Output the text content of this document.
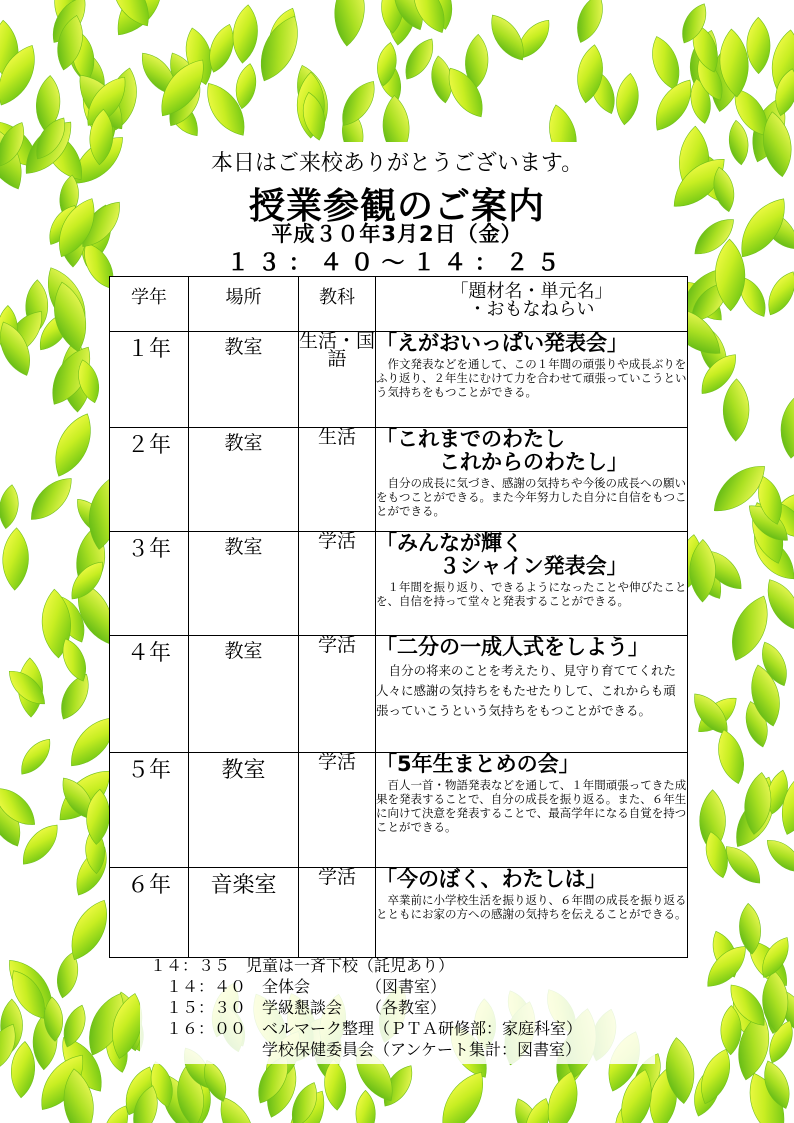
本日はご来校ありがとうございます。
授業参観のご案内
平成３０年3月2日（金）
１３：４０〜１４：２５
学年	場所	教科	「題材名・単元名」
・おもなねらい

１年	教室	生活・国語	「えがおいっぱい発表会」
　作文発表などを通して、この１年間の頑張りや成長ぶりをふり返り、２年生にむけて力を合わせて頑張っていこうという気持ちをもつことができる。

２年	教室	生活	「これまでのわたし
　　　これからのわたし」
　自分の成長に気づき、感謝の気持ちや今後の成長への願いをもつことができる。また今年努力した自分に自信をもつことができる。

３年	教室	学活	「みんなが輝く
　　　３シャイン発表会」
　１年間を振り返り、できるようになったことや伸びたことを、自信を持って堂々と発表することができる。

４年	教室	学活	「二分の一成人式をしよう」
　自分の将来のことを考えたり、見守り育ててくれた人々に感謝の気持ちをもたせたりして、これからも頑張っていこうという気持ちをもつことができる。

５年	教室	学活	「5年生まとめの会」
　百人一首・物語発表などを通して、１年間頑張ってきた成果を発表することで、自分の成長を振り返る。また、６年生に向けて決意を発表することで、最高学年になる自覚を持つことができる。

６年	音楽室	学活	「今のぼく、わたしは」
　卒業前に小学校生活を振り返り、６年間の成長を振り返るとともにお家の方への感謝の気持ちを伝えることができる。
１４：３５　児童は一斉下校（託児あり）
　１４：４０　全体会　　　　（図書室）
　１５：３０　学級懇談会　　（各教室）
　１６：００　ベルマーク整理（ＰＴＡ研修部：家庭科室）
　　　　　　　学校保健委員会（アンケート集計：図書室）
